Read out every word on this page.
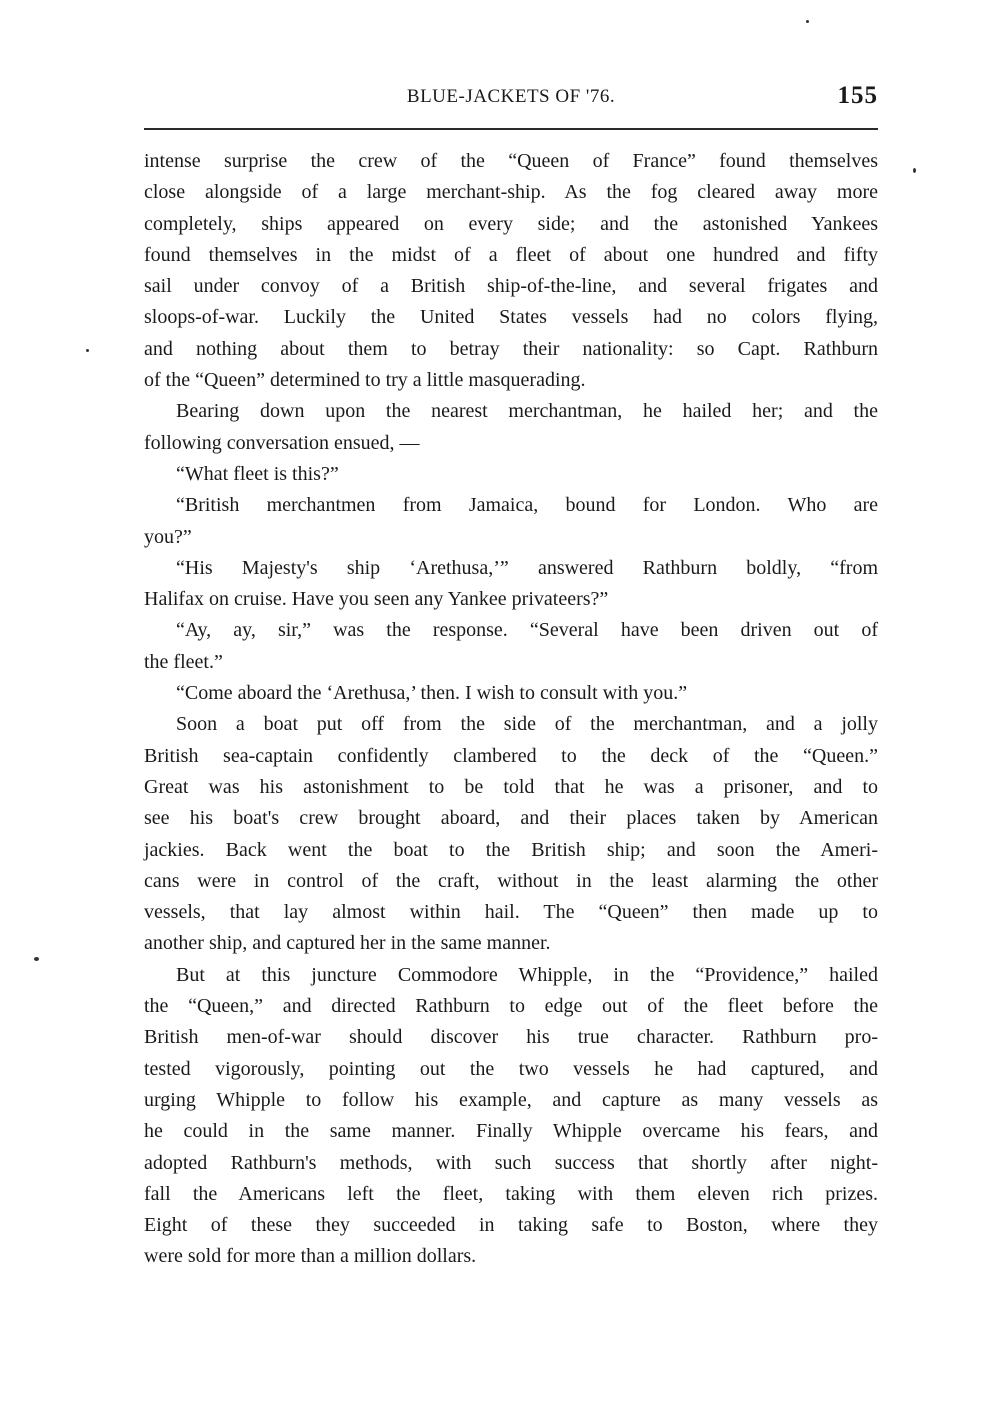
BLUE-JACKETS OF '76.	155
intense surprise the crew of the “Queen of France” found themselves
close alongside of a large merchant-ship. As the fog cleared away more
completely, ships appeared on every side; and the astonished Yankees
found themselves in the midst of a fleet of about one hundred and fifty
sail under convoy of a British ship-of-the-line, and several frigates and
sloops-of-war. Luckily the United States vessels had no colors flying,
and nothing about them to betray their nationality: so Capt. Rathburn
of the “Queen” determined to try a little masquerading.
Bearing down upon the nearest merchantman, he hailed her; and the
following conversation ensued, —
“What fleet is this?”
“British merchantmen from Jamaica, bound for London. Who are
you?”
“His Majesty's ship ‘Arethusa,’” answered Rathburn boldly, “from
Halifax on cruise. Have you seen any Yankee privateers?”
“Ay, ay, sir,” was the response. “Several have been driven out of
the fleet.”
“Come aboard the ‘Arethusa,’ then. I wish to consult with you.”
Soon a boat put off from the side of the merchantman, and a jolly
British sea-captain confidently clambered to the deck of the “Queen.”
Great was his astonishment to be told that he was a prisoner, and to
see his boat's crew brought aboard, and their places taken by American
jackies. Back went the boat to the British ship; and soon the Ameri-
cans were in control of the craft, without in the least alarming the other
vessels, that lay almost within hail. The “Queen” then made up to
another ship, and captured her in the same manner.
But at this juncture Commodore Whipple, in the “Providence,” hailed
the “Queen,” and directed Rathburn to edge out of the fleet before the
British men-of-war should discover his true character. Rathburn pro-
tested vigorously, pointing out the two vessels he had captured, and
urging Whipple to follow his example, and capture as many vessels as
he could in the same manner. Finally Whipple overcame his fears, and
adopted Rathburn's methods, with such success that shortly after night-
fall the Americans left the fleet, taking with them eleven rich prizes.
Eight of these they succeeded in taking safe to Boston, where they
were sold for more than a million dollars.
